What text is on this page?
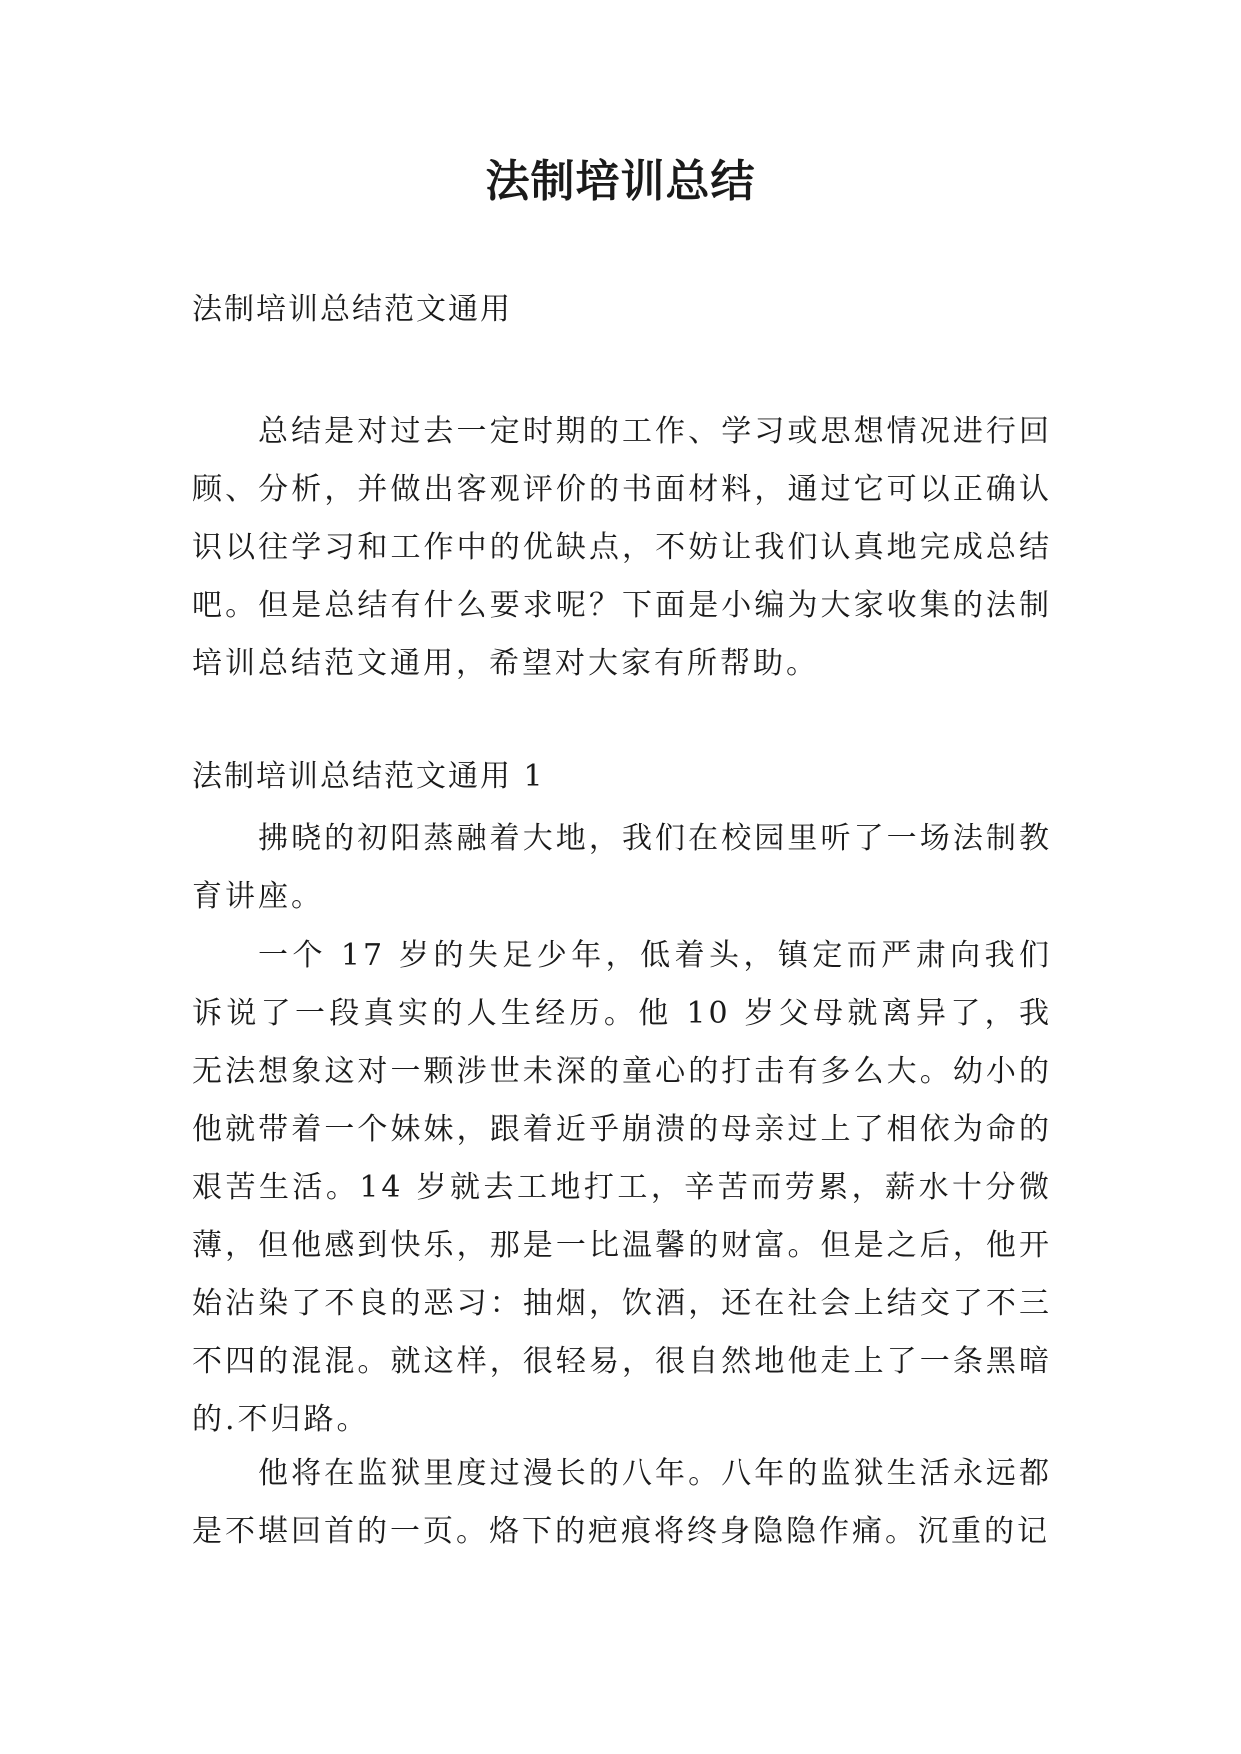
法制培训总结
法制培训总结范文通用

总结是对过去一定时期的工作、学习或思想情况进行回顾、分析，并做出客观评价的书面材料，通过它可以正确认识以往学习和工作中的优缺点，不妨让我们认真地完成总结吧。但是总结有什么要求呢？下面是小编为大家收集的法制培训总结范文通用，希望对大家有所帮助。

法制培训总结范文通用 1

拂晓的初阳蒸融着大地，我们在校园里听了一场法制教育讲座。

一个 17 岁的失足少年，低着头，镇定而严肃向我们诉说了一段真实的人生经历。他 10 岁父母就离异了，我无法想象这对一颗涉世未深的童心的打击有多么大。幼小的他就带着一个妹妹，跟着近乎崩溃的母亲过上了相依为命的艰苦生活。14 岁就去工地打工，辛苦而劳累，薪水十分微薄，但他感到快乐，那是一比温馨的财富。但是之后，他开始沾染了不良的恶习：抽烟，饮酒，还在社会上结交了不三不四的混混。就这样，很轻易，很自然地他走上了一条黑暗的.不归路。

他将在监狱里度过漫长的八年。八年的监狱生活永远都是不堪回首的一页。烙下的疤痕将终身隐隐作痛。沉重的记
